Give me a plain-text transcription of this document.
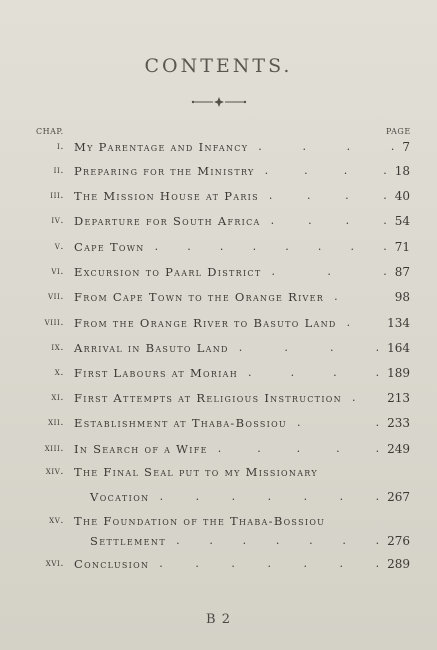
CONTENTS.
CHAP.	PAGE
i. My Parentage and Infancy	7
.	.	.	.
ii. Preparing for the Ministry	18
.	.	.	.
iii. The Mission House at Paris	40
.	.	.	.
iv. Departure for South Africa	54
.	.	.	.
v. Cape Town	71
.	.	.	.	.	.	.	.
vi. Excursion to Paarl District	87
.	.	.
vii. From Cape Town to the Orange River	98
.
viii. From the Orange River to Basuto Land	134
.
ix. Arrival in Basuto Land	164
.	.	.	.
x. First Labours at Moriah	189
.	.	.	.
xi. First Attempts at Religious Instruction	213
.
xii. Establishment at Thaba-Bossiou	233
.	.
xiii. In Search of a Wife	249
.	.	.	.	.
xiv. The Final Seal put to my Missionary
Vocation	267
.	.	.	.	.	.	.
xv. The Foundation of the Thaba-Bossiou
Settlement	276
.	.	.	.	.	.	.
xvi. Conclusion	289
.	.	.	.	.	.	.
B 2
